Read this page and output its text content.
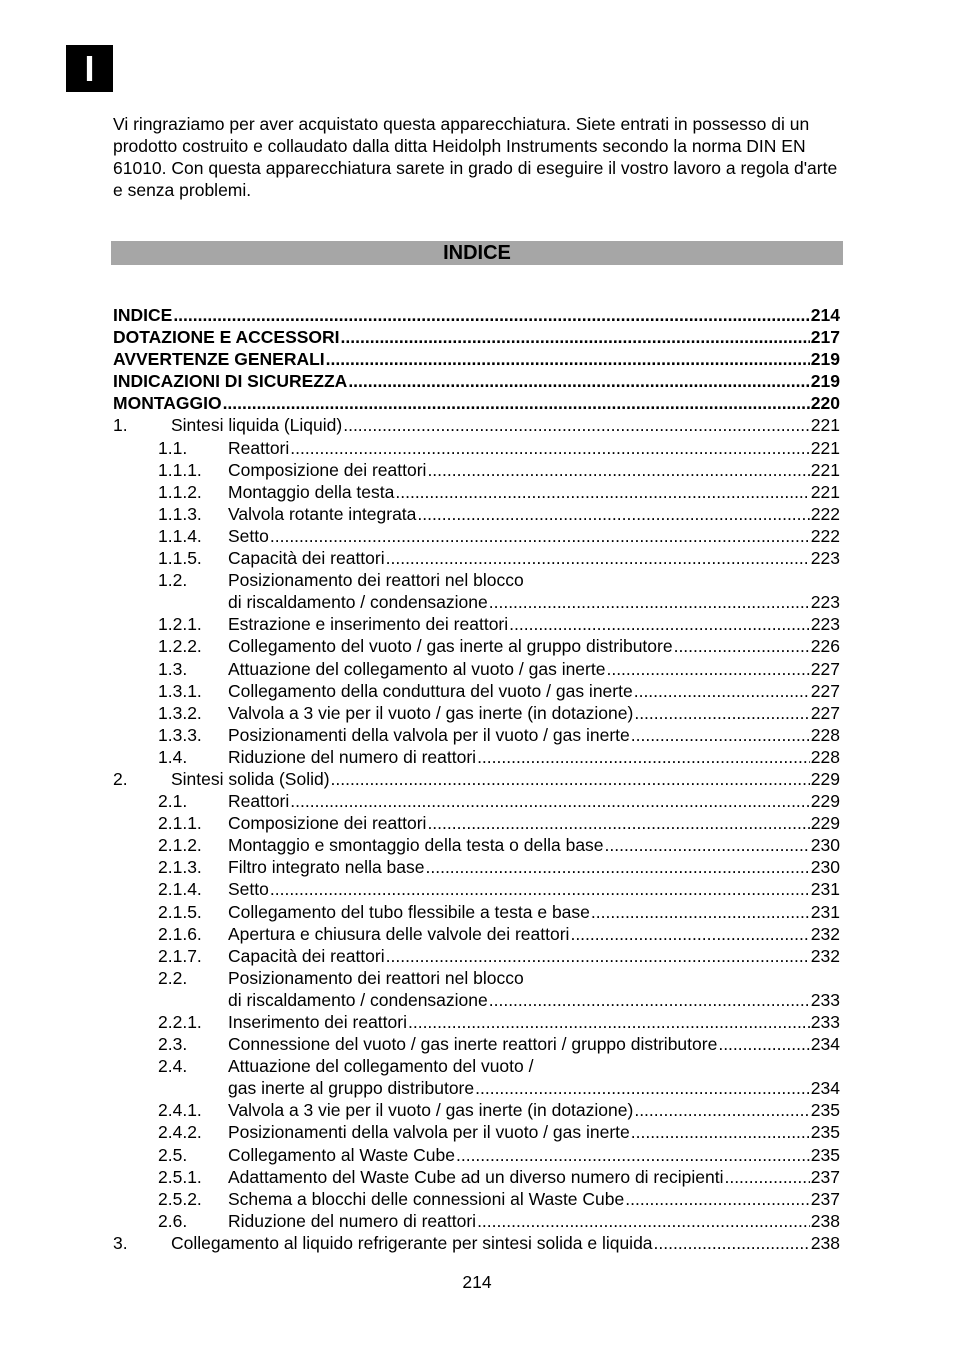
I

Vi ringraziamo per aver acquistato questa apparecchiatura. Siete entrati in possesso di un prodotto costruito e collaudato dalla ditta Heidolph Instruments secondo la norma DIN EN 61010. Con questa apparecchiatura sarete in grado di eseguire il vostro lavoro a regola d'arte e senza problemi.

INDICE
INDICE .....	214
DOTAZIONE E ACCESSORI .....	217
AVVERTENZE GENERALI .....	219
INDICAZIONI DI SICUREZZA .....	219
MONTAGGIO .....	220
1.	Sintesi liquida (Liquid) .....	221
1.1.	Reattori .....	221
1.1.1.	Composizione dei reattori .....	221
1.1.2.	Montaggio della testa .....	221
1.1.3.	Valvola rotante integrata .....	222
1.1.4.	Setto .....	222
1.1.5.	Capacità dei reattori .....	223
1.2.	Posizionamento dei reattori nel blocco
di riscaldamento / condensazione .....	223
1.2.1.	Estrazione e inserimento dei reattori .....	223
1.2.2.	Collegamento del vuoto / gas inerte al gruppo distributore .....	226
1.3.	Attuazione del collegamento al vuoto / gas inerte .....	227
1.3.1.	Collegamento della conduttura del vuoto / gas inerte .....	227
1.3.2.	Valvola a 3 vie per il vuoto / gas inerte (in dotazione) .....	227
1.3.3.	Posizionamenti della valvola per il vuoto / gas inerte .....	228
1.4.	Riduzione del numero di reattori .....	228
2.	Sintesi solida (Solid) .....	229
2.1.	Reattori .....	229
2.1.1.	Composizione dei reattori .....	229
2.1.2.	Montaggio e smontaggio della testa o della base .....	230
2.1.3.	Filtro integrato nella base .....	230
2.1.4.	Setto .....	231
2.1.5.	Collegamento del tubo flessibile a testa e base .....	231
2.1.6.	Apertura e chiusura delle valvole dei reattori .....	232
2.1.7.	Capacità dei reattori .....	232
2.2.	Posizionamento dei reattori nel blocco
di riscaldamento / condensazione .....	233
2.2.1.	Inserimento dei reattori .....	233
2.3.	Connessione del vuoto / gas inerte reattori / gruppo distributore .....	234
2.4.	Attuazione del collegamento del vuoto /
gas inerte al gruppo distributore .....	234
2.4.1.	Valvola a 3 vie per il vuoto / gas inerte (in dotazione) .....	235
2.4.2.	Posizionamenti della valvola per il vuoto / gas inerte .....	235
2.5.	Collegamento al Waste Cube .....	235
2.5.1.	Adattamento del Waste Cube ad un diverso numero di recipienti .....	237
2.5.2.	Schema a blocchi delle connessioni al Waste Cube .....	237
2.6.	Riduzione del numero di reattori .....	238
3.	Collegamento al liquido refrigerante per sintesi solida e liquida .....	238
214
